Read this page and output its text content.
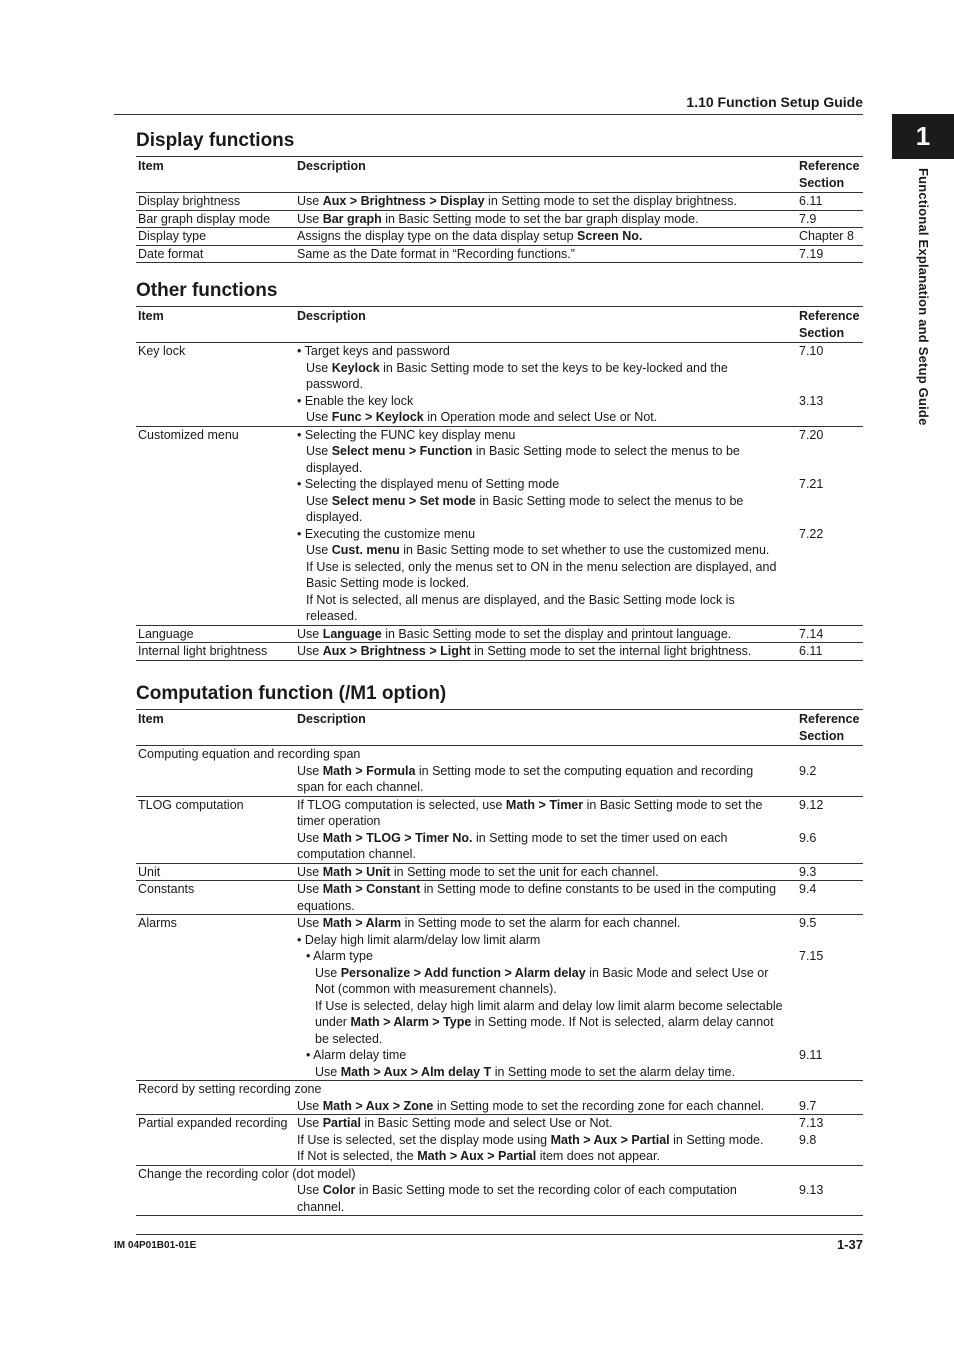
1.10 Function Setup Guide
1
Functional Explanation and Setup Guide
Display functions
Item	Description	Reference
Section

Display brightness	Use Aux > Brightness > Display in Setting mode to set the display brightness.	6.11
Bar graph display mode	Use Bar graph in Basic Setting mode to set the bar graph display mode.	7.9
Display type	Assigns the display type on the data display setup Screen No.	Chapter 8
Date format	Same as the Date format in “Recording functions.”	7.19
Other functions
Item	Description	Reference
Section

Key lock	• Target keys and password	7.10

	Use Keylock in Basic Setting mode to set the keys to be key-locked and the	

	password.	

	• Enable the key lock	3.13

	Use Func > Keylock in Operation mode and select Use or Not.	

Customized menu	• Selecting the FUNC key display menu	7.20

	Use Select menu > Function in Basic Setting mode to select the menus to be	

	displayed.	

	• Selecting the displayed menu of Setting mode	7.21

	Use Select menu > Set mode in Basic Setting mode to select the menus to be	

	displayed.	

	• Executing the customize menu	7.22

	Use Cust. menu in Basic Setting mode to set whether to use the customized menu.	

	If Use is selected, only the menus set to ON in the menu selection are displayed, and	

	Basic Setting mode is locked.	

	If Not is selected, all menus are displayed, and the Basic Setting mode lock is	

	released.	

Language	Use Language in Basic Setting mode to set the display and printout language.	7.14
Internal light brightness	Use Aux > Brightness > Light in Setting mode to set the internal light brightness.	6.11
Computation function (/M1 option)
Item	Description	Reference
Section

Computing equation and recording span		

	Use Math > Formula in Setting mode to set the computing equation and recording	9.2

	span for each channel.	

TLOG computation	If TLOG computation is selected, use Math > Timer in Basic Setting mode to set the	9.12

	timer operation	

	Use Math > TLOG > Timer No. in Setting mode to set the timer used on each	9.6

	computation channel.	

Unit	Use Math > Unit in Setting mode to set the unit for each channel.	9.3
Constants	Use Math > Constant in Setting mode to define constants to be used in the computing	9.4

	equations.	

Alarms	Use Math > Alarm in Setting mode to set the alarm for each channel.	9.5

	• Delay high limit alarm/delay low limit alarm	

	• Alarm type	7.15

	Use Personalize > Add function > Alarm delay in Basic Mode and select Use or	

	Not (common with measurement channels).	

	If Use is selected, delay high limit alarm and delay low limit alarm become selectable	

	under Math > Alarm > Type in Setting mode. If Not is selected, alarm delay cannot	

	be selected.	

	• Alarm delay time	9.11

	Use Math > Aux > Alm delay T in Setting mode to set the alarm delay time.	

Record by setting recording zone		

	Use Math > Aux > Zone in Setting mode to set the recording zone for each channel.	9.7
Partial expanded recording	Use Partial in Basic Setting mode and select Use or Not.	7.13

	If Use is selected, set the display mode using Math > Aux > Partial in Setting mode.	9.8

	If Not is selected, the Math > Aux > Partial item does not appear.	

Change the recording color (dot model)		

	Use Color in Basic Setting mode to set the recording color of each computation	9.13

	channel.	

IM 04P01B01-01E	1-37
